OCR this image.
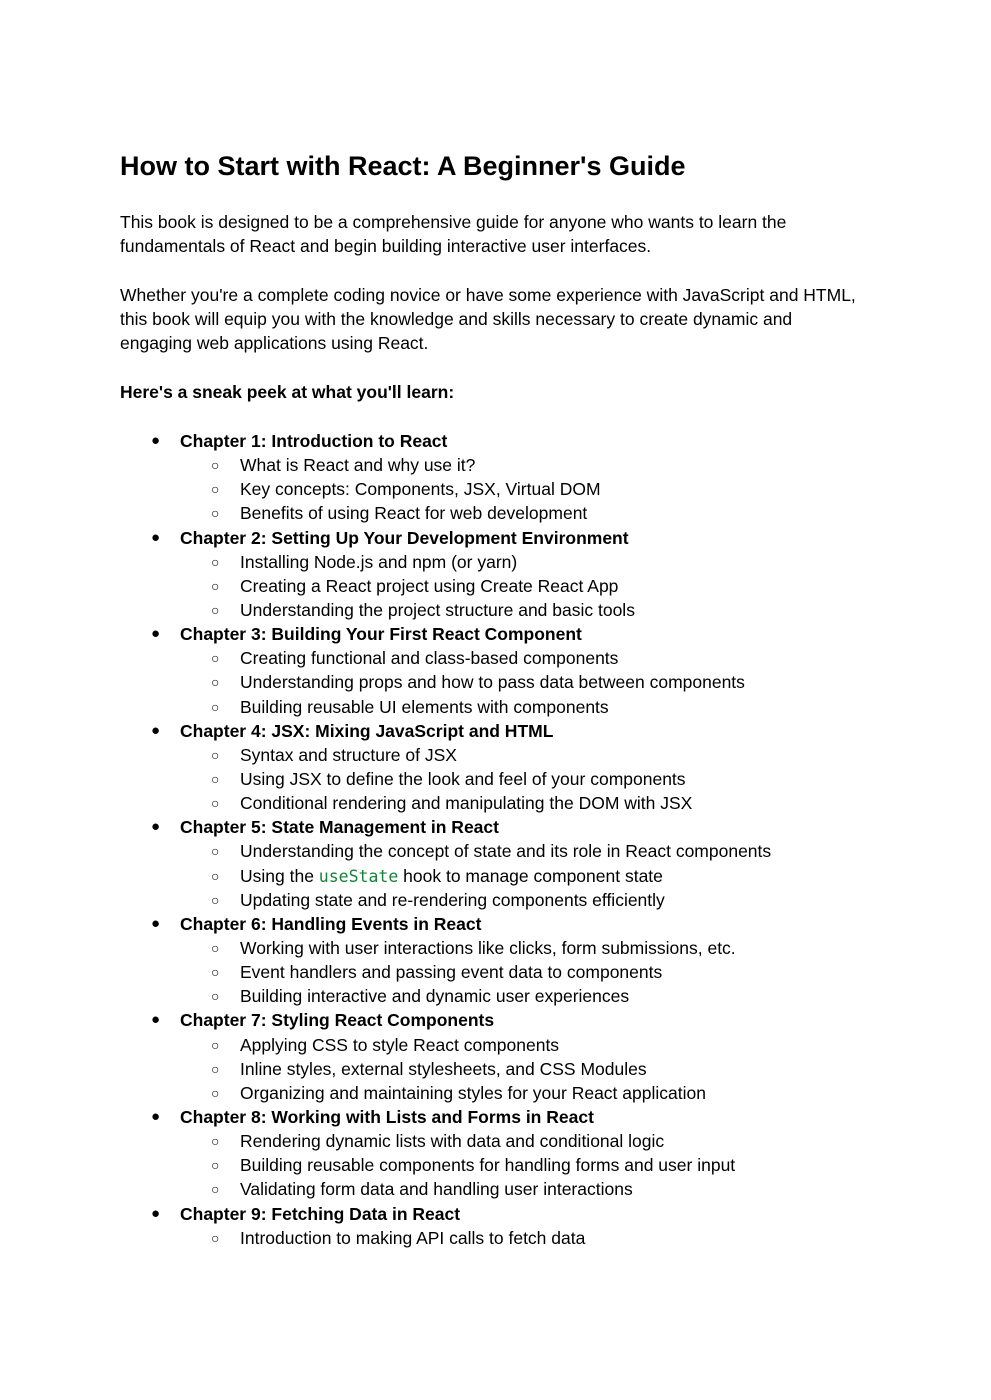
How to Start with React: A Beginner's Guide

This book is designed to be a comprehensive guide for anyone who wants to learn the fundamentals of React and begin building interactive user interfaces.

Whether you're a complete coding novice or have some experience with JavaScript and HTML, this book will equip you with the knowledge and skills necessary to create dynamic and engaging web applications using React.

Here's a sneak peek at what you'll learn:

● Chapter 1: Introduction to React
○ What is React and why use it?
○ Key concepts: Components, JSX, Virtual DOM
○ Benefits of using React for web development
● Chapter 2: Setting Up Your Development Environment
○ Installing Node.js and npm (or yarn)
○ Creating a React project using Create React App
○ Understanding the project structure and basic tools
● Chapter 3: Building Your First React Component
○ Creating functional and class-based components
○ Understanding props and how to pass data between components
○ Building reusable UI elements with components
● Chapter 4: JSX: Mixing JavaScript and HTML
○ Syntax and structure of JSX
○ Using JSX to define the look and feel of your components
○ Conditional rendering and manipulating the DOM with JSX
● Chapter 5: State Management in React
○ Understanding the concept of state and its role in React components
○ Using the useState hook to manage component state
○ Updating state and re-rendering components efficiently
● Chapter 6: Handling Events in React
○ Working with user interactions like clicks, form submissions, etc.
○ Event handlers and passing event data to components
○ Building interactive and dynamic user experiences
● Chapter 7: Styling React Components
○ Applying CSS to style React components
○ Inline styles, external stylesheets, and CSS Modules
○ Organizing and maintaining styles for your React application
● Chapter 8: Working with Lists and Forms in React
○ Rendering dynamic lists with data and conditional logic
○ Building reusable components for handling forms and user input
○ Validating form data and handling user interactions
● Chapter 9: Fetching Data in React
○ Introduction to making API calls to fetch data
